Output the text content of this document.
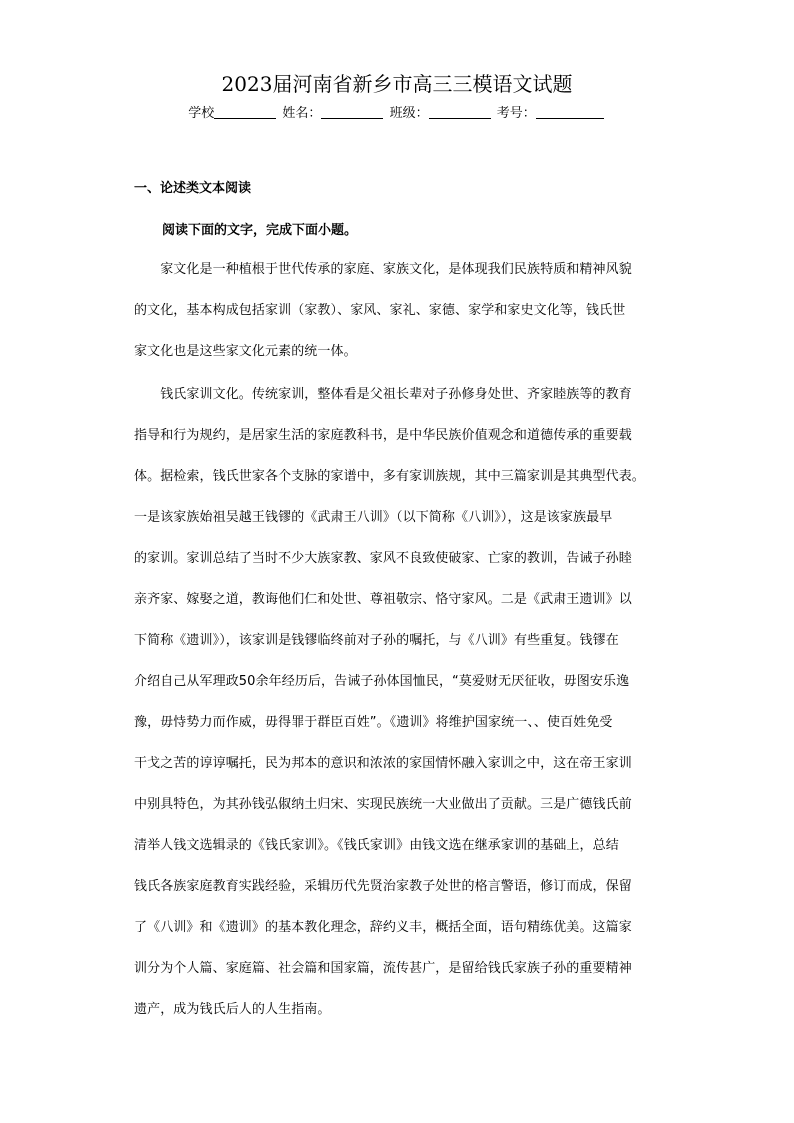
2023届河南省新乡市高三三模语文试题
学校	姓名：	班级：	考号：
一、论述类文本阅读
阅读下面的文字，完成下面小题。
　　家文化是一种植根于世代传承的家庭、家族文化，是体现我们民族特质和精神风貌
的文化，基本构成包括家训（家教）、家风、家礼、家德、家学和家史文化等，钱氏世
家文化也是这些家文化元素的统一体。
　　钱氏家训文化。传统家训，整体看是父祖长辈对子孙修身处世、齐家睦族等的教育
指导和行为规约，是居家生活的家庭教科书，是中华民族价值观念和道德传承的重要载
体。据检索，钱氏世家各个支脉的家谱中，多有家训族规，其中三篇家训是其典型代表。
一是该家族始祖吴越王钱镠的《武肃王八训》（以下简称《八训》），这是该家族最早
的家训。家训总结了当时不少大族家教、家风不良致使破家、亡家的教训，告诫子孙睦
亲齐家、嫁娶之道，教诲他们仁和处世、尊祖敬宗、恪守家风。二是《武肃王遗训》以
下简称《遗训》），该家训是钱镠临终前对子孙的嘱托，与《八训》有些重复。钱镠在
介绍自己从军理政50余年经历后，告诫子孙体国恤民，“莫爱财无厌征收，毋图安乐逸
豫，毋恃势力而作威，毋得罪于群臣百姓”。《遗训》将维护国家统一、、使百姓免受
干戈之苦的谆谆嘱托，民为邦本的意识和浓浓的家国情怀融入家训之中，这在帝王家训
中别具特色，为其孙钱弘俶纳土归宋、实现民族统一大业做出了贡献。三是广德钱氏前
清举人钱文选辑录的《钱氏家训》。《钱氏家训》由钱文选在继承家训的基础上，总结
钱氏各族家庭教育实践经验，采辑历代先贤治家教子处世的格言警语，修订而成，保留
了《八训》和《遗训》的基本教化理念，辞约义丰，概括全面，语句精练优美。这篇家
训分为个人篇、家庭篇、社会篇和国家篇，流传甚广，是留给钱氏家族子孙的重要精神
遗产，成为钱氏后人的人生指南。
